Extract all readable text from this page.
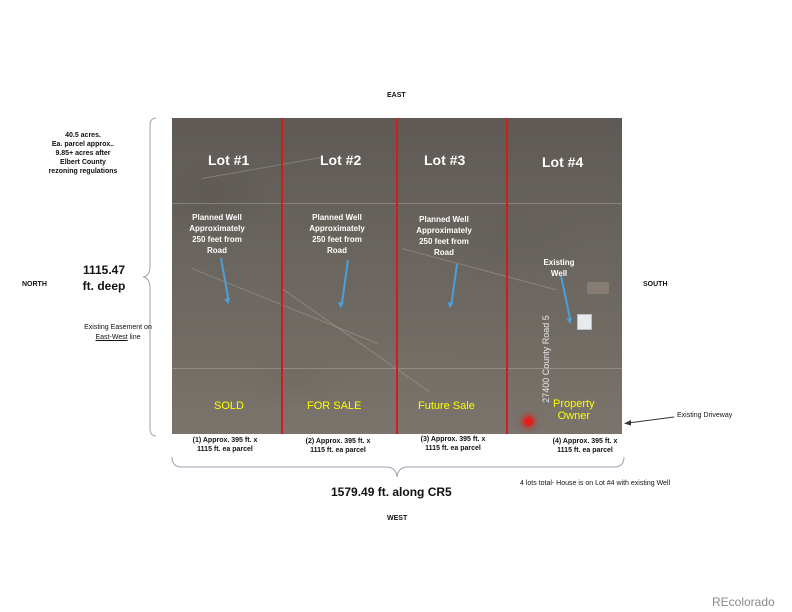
EAST
WEST
NORTH	SOUTH
40.5 acres.
Ea. parcel approx..
9.85+ acres after
Elbert County
rezoning regulations
1115.47
ft. deep
Existing Easement on
East-West line
Lot #1
Planned Well
Approximately
250 feet from
Road
SOLD
Lot #2
Planned Well
Approximately
250 feet from
Road
FOR SALE
Lot #3
Planned Well
Approximately
250 feet from
Road
Future Sale
Lot #4
Existing
Well
27400 County Road 5
Property
Owner	Existing Driveway
(1) Approx. 395 ft. x
1115 ft. ea parcel
(2) Approx. 395 ft. x
1115 ft. ea parcel
(3) Approx. 395 ft. x
1115 ft. ea parcel
(4) Approx. 395 ft. x
1115 ft. ea parcel
1579.49 ft. along CR5
4 lots total- House is on Lot #4 with existing Well
REcolorado
